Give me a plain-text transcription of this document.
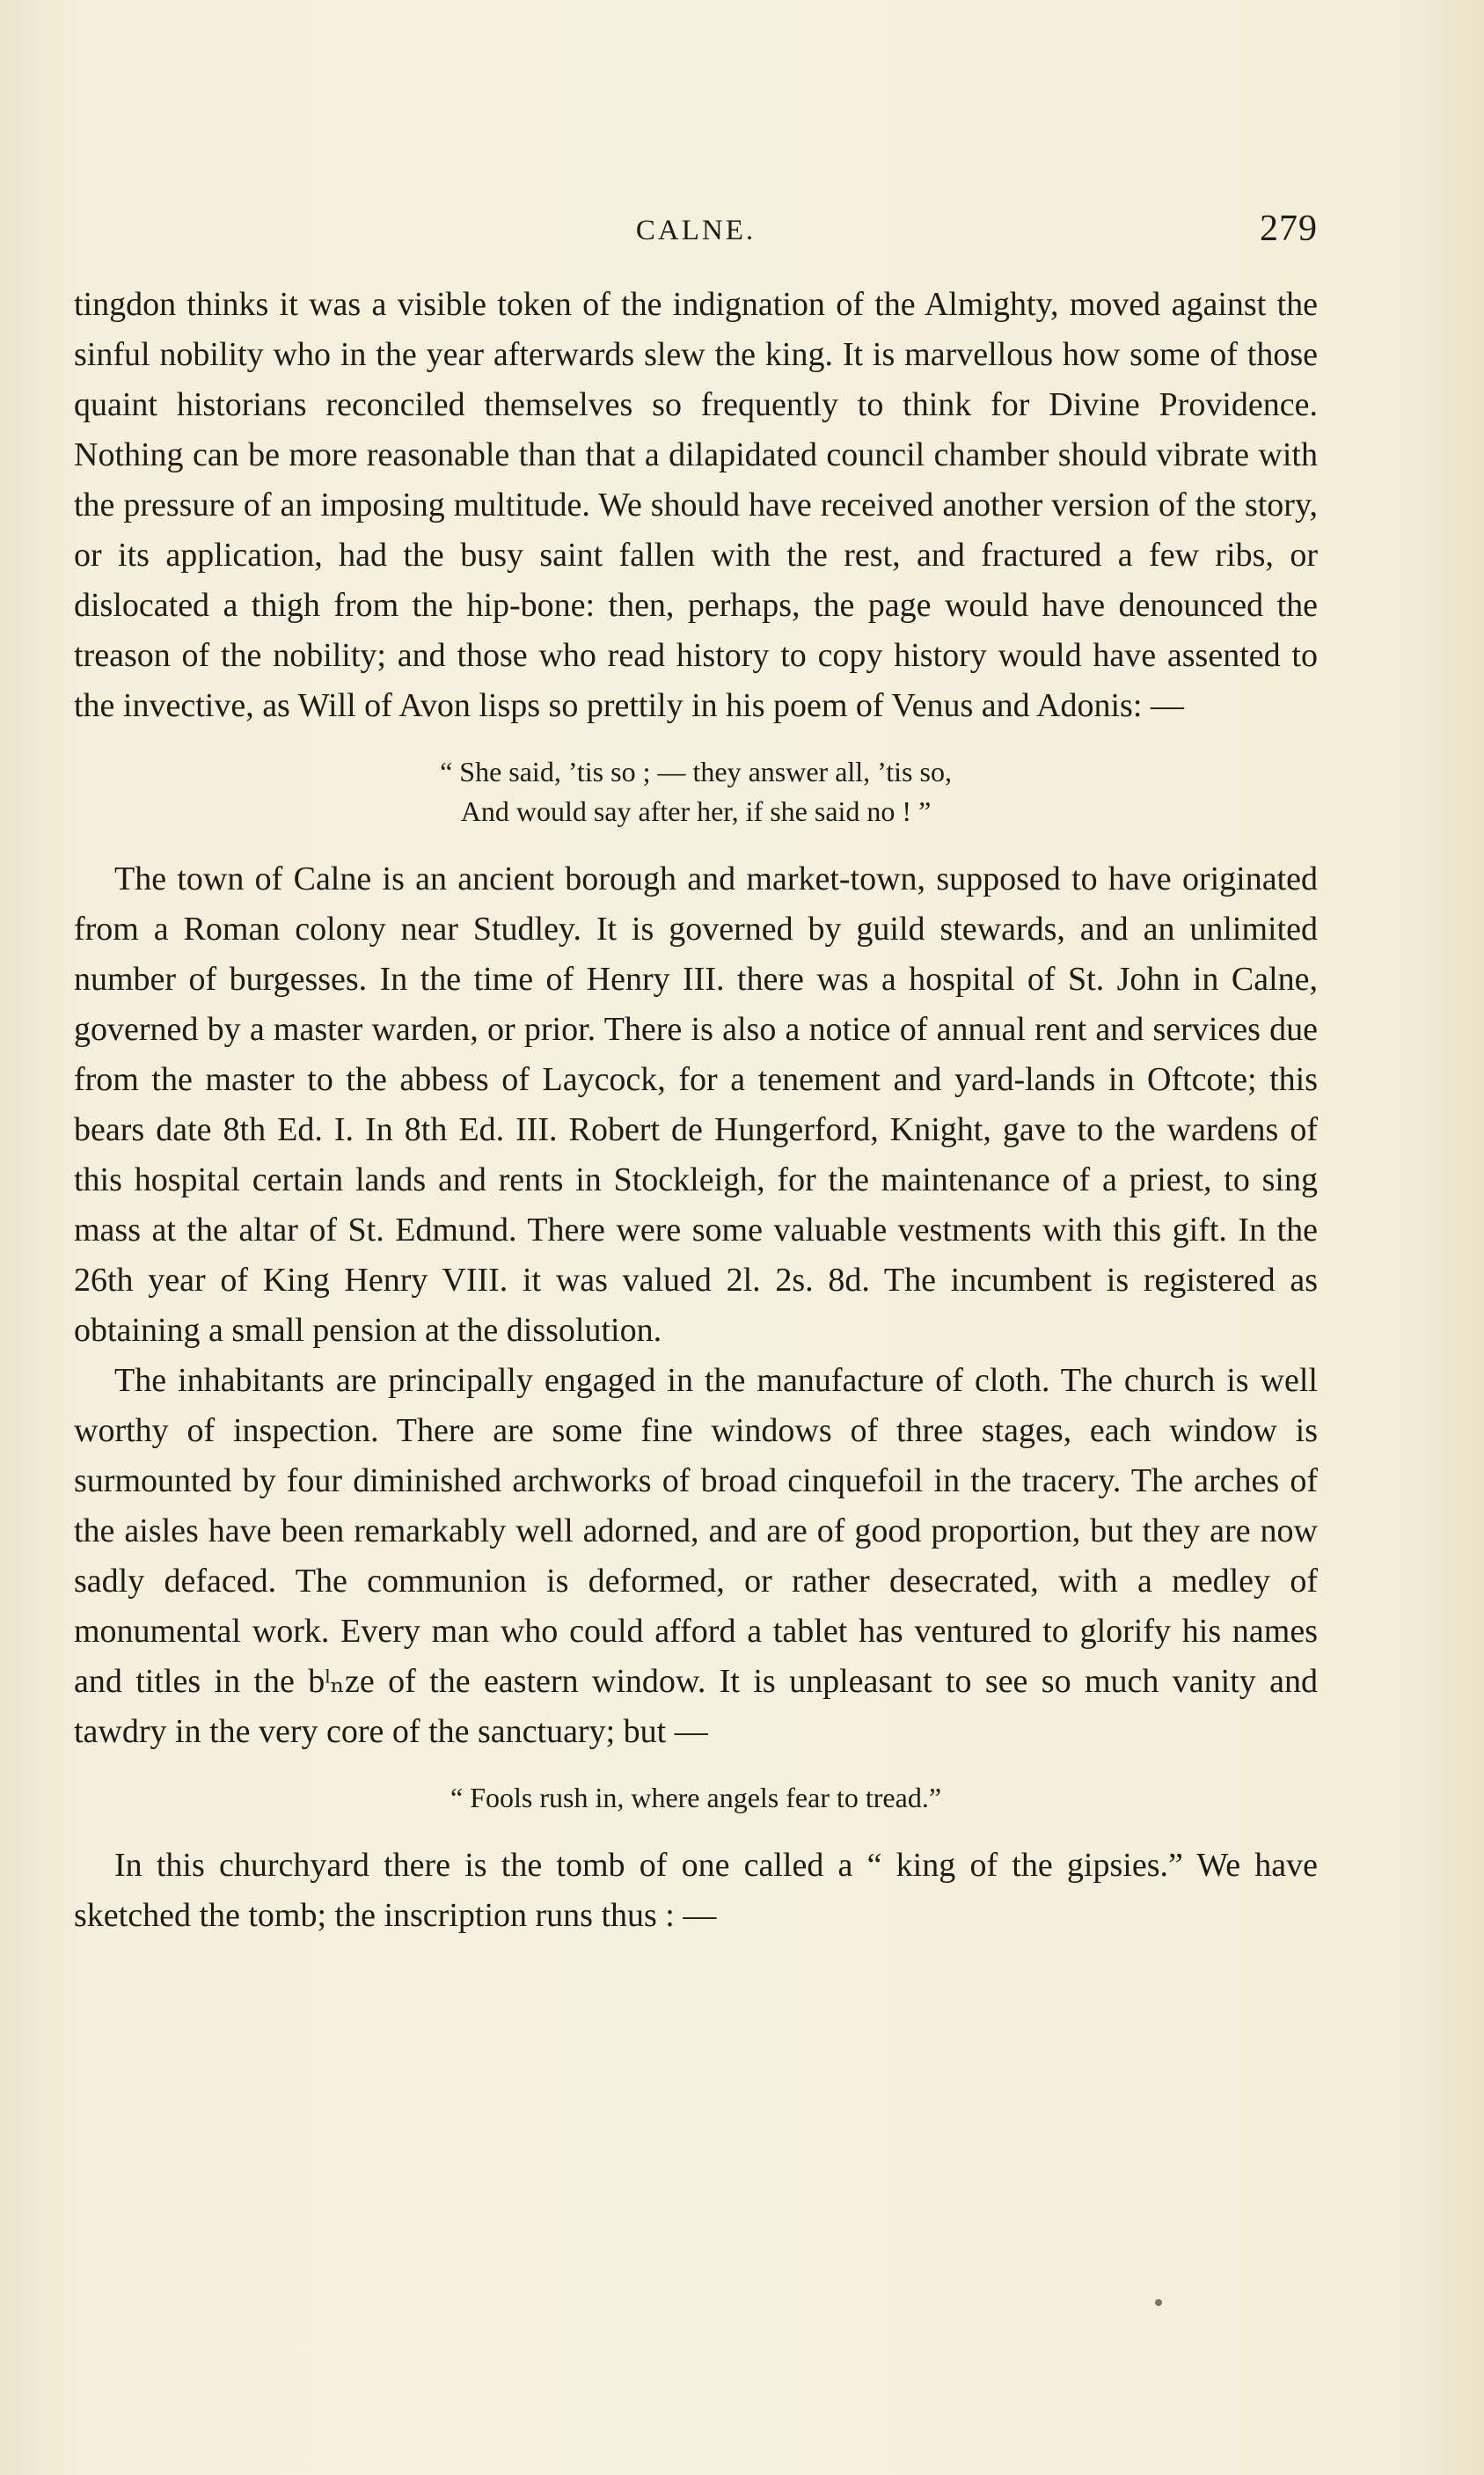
CALNE.	279

tingdon thinks it was a visible token of the indignation of the Almighty, moved against the sinful nobility who in the year afterwards slew the king. It is marvellous how some of those quaint historians reconciled themselves so frequently to think for Divine Providence. Nothing can be more reasonable than that a dilapidated council chamber should vibrate with the pressure of an imposing multitude. We should have received another version of the story, or its application, had the busy saint fallen with the rest, and fractured a few ribs, or dislocated a thigh from the hip-bone: then, perhaps, the page would have denounced the treason of the nobility; and those who read history to copy history would have assented to the invective, as Will of Avon lisps so prettily in his poem of Venus and Adonis: —

“ She said, ’tis so ; — they answer all, ’tis so,
And would say after her, if she said no ! ”

The town of Calne is an ancient borough and market-town, supposed to have originated from a Roman colony near Studley. It is governed by guild stewards, and an unlimited number of burgesses. In the time of Henry III. there was a hospital of St. John in Calne, governed by a master warden, or prior. There is also a notice of annual rent and services due from the master to the abbess of Laycock, for a tenement and yard-lands in Oftcote; this bears date 8th Ed. I. In 8th Ed. III. Robert de Hungerford, Knight, gave to the wardens of this hospital certain lands and rents in Stockleigh, for the maintenance of a priest, to sing mass at the altar of St. Edmund. There were some valuable vestments with this gift. In the 26th year of King Henry VIII. it was valued 2l. 2s. 8d. The incumbent is registered as obtaining a small pension at the dissolution.

The inhabitants are principally engaged in the manufacture of cloth. The church is well worthy of inspection. There are some fine windows of three stages, each window is surmounted by four diminished archworks of broad cinquefoil in the tracery. The arches of the aisles have been remarkably well adorned, and are of good proportion, but they are now sadly defaced. The communion is deformed, or rather desecrated, with a medley of monumental work. Every man who could afford a tablet has ventured to glorify his names and titles in the bˡₙze of the eastern window. It is unpleasant to see so much vanity and tawdry in the very core of the sanctuary; but —

“ Fools rush in, where angels fear to tread.”

In this churchyard there is the tomb of one called a “ king of the gipsies.” We have sketched the tomb; the inscription runs thus : —
